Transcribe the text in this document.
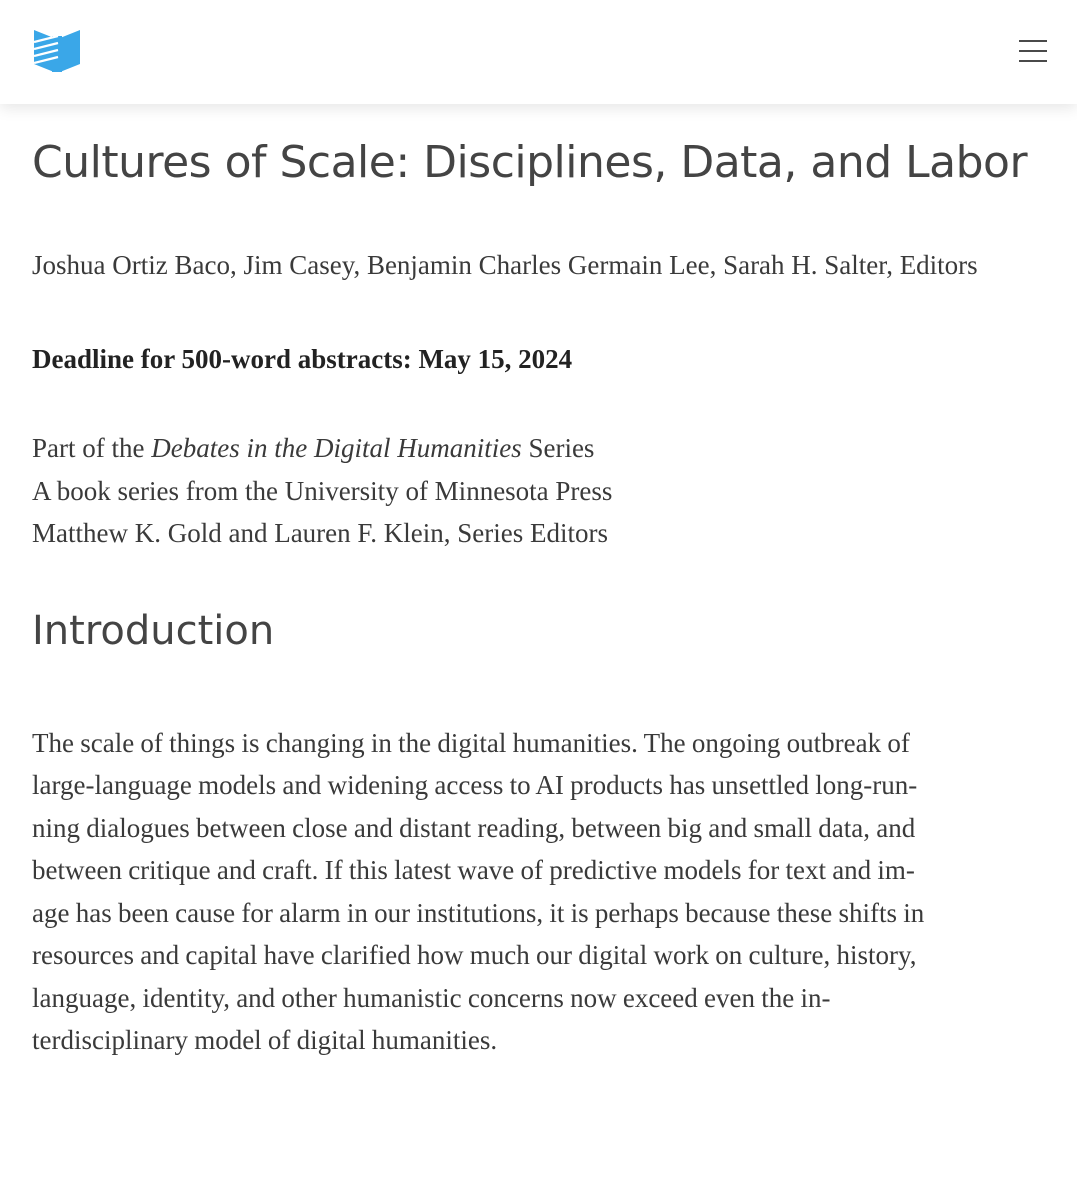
Cultures of Scale: Disciplines, Data, and Labor
Joshua Ortiz Baco, Jim Casey, Benjamin Charles Germain Lee, Sarah H. Salter, Editors
Deadline for 500-word abstracts: May 15, 2024
Part of the Debates in the Digital Humanities Series
A book series from the University of Minnesota Press
Matthew K. Gold and Lauren F. Klein, Series Editors
Introduction
The scale of things is changing in the digital humanities. The ongoing outbreak of
large-language models and widening access to AI products has unsettled long-run-
ning dialogues between close and distant reading, between big and small data, and
between critique and craft. If this latest wave of predictive models for text and im-
age has been cause for alarm in our institutions, it is perhaps because these shifts in
resources and capital have clarified how much our digital work on culture, history,
language, identity, and other humanistic concerns now exceed even the in-
terdisciplinary model of digital humanities.
